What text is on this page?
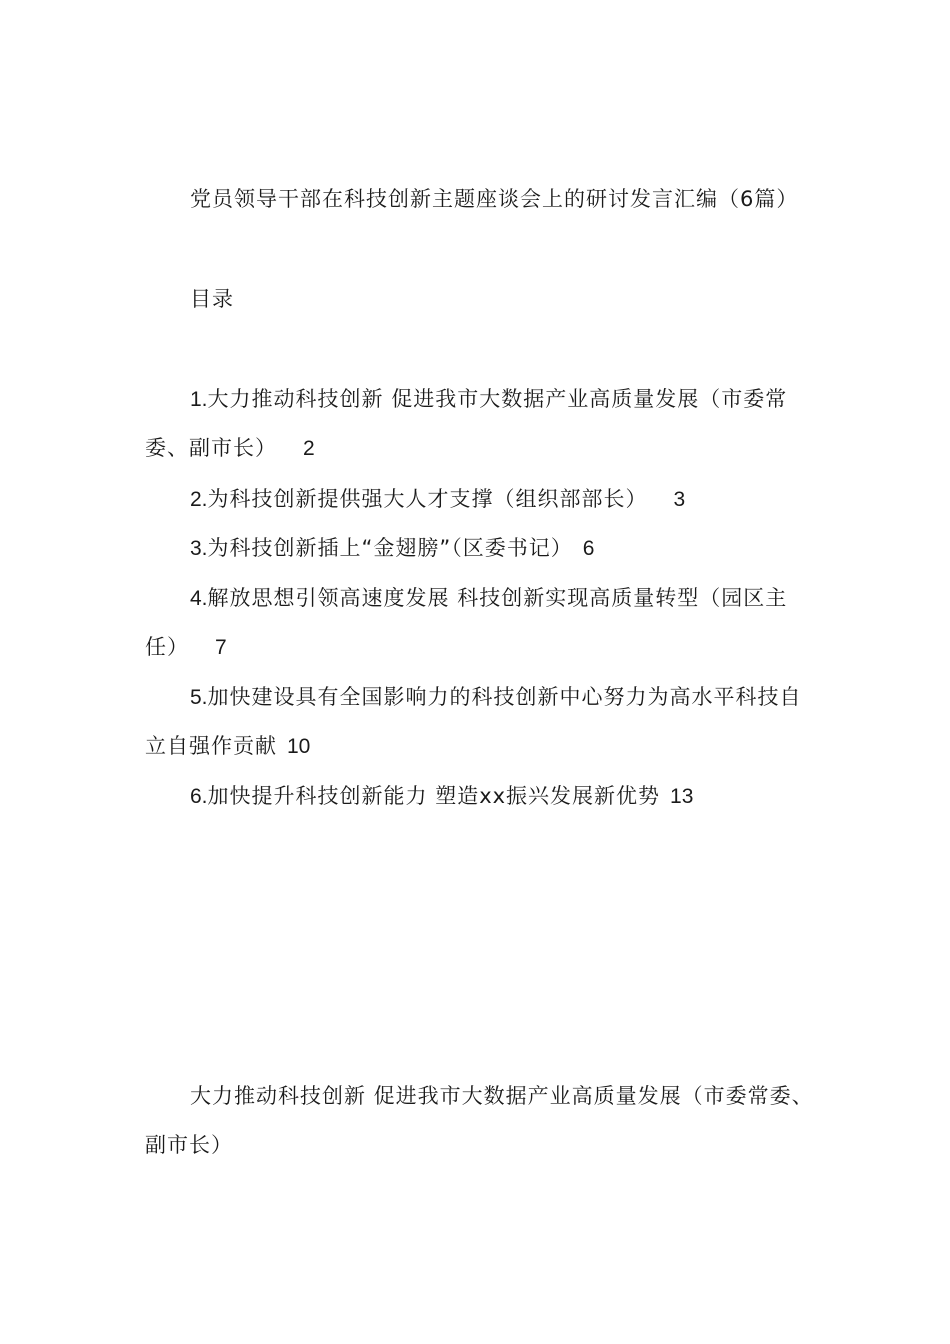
党员领导干部在科技创新主题座谈会上的研讨发言汇编（6篇）

目录

1.大力推动科技创新 促进我市大数据产业高质量发展（市委常委、副市长） 2

2.为科技创新提供强大人才支撑（组织部部长） 3

3.为科技创新插上“金翅膀”（区委书记） 6

4.解放思想引领高速度发展 科技创新实现高质量转型（园区主任） 7

5.加快建设具有全国影响力的科技创新中心努力为高水平科技自立自强作贡献 10

6.加快提升科技创新能力 塑造xx振兴发展新优势 13

大力推动科技创新 促进我市大数据产业高质量发展（市委常委、副市长）
